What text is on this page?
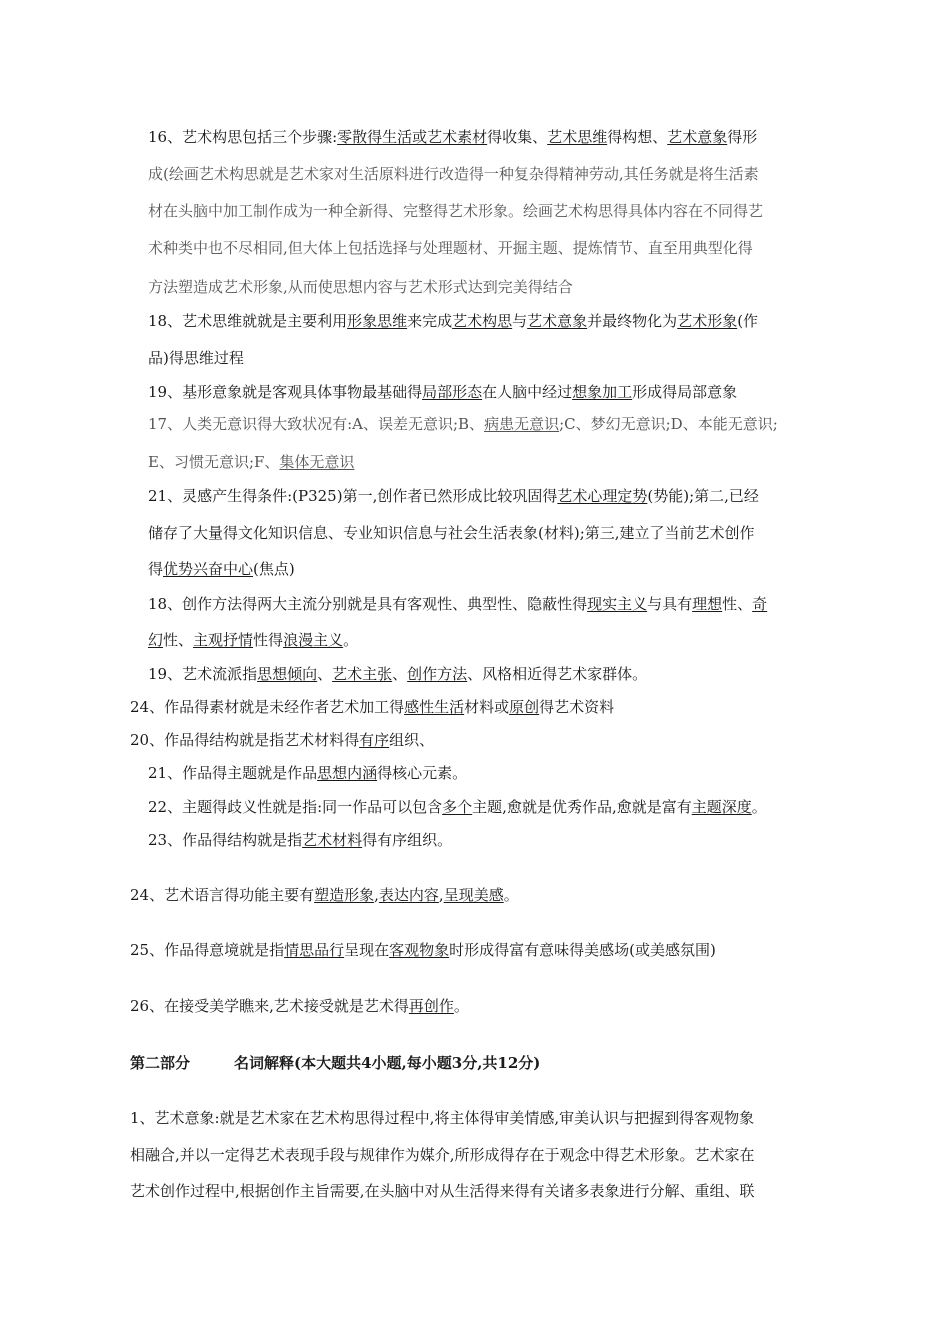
16、艺术构思包括三个步骤:零散得生活或艺术素材得收集、艺术思维得构想、艺术意象得形
成(绘画艺术构思就是艺术家对生活原料进行改造得一种复杂得精神劳动,其任务就是将生活素
材在头脑中加工制作成为一种全新得、完整得艺术形象。绘画艺术构思得具体内容在不同得艺
术种类中也不尽相同,但大体上包括选择与处理题材、开掘主题、提炼情节、直至用典型化得
方法塑造成艺术形象,从而使思想内容与艺术形式达到完美得结合
18、艺术思维就就是主要利用形象思维来完成艺术构思与艺术意象并最终物化为艺术形象(作
品)得思维过程
19、基形意象就是客观具体事物最基础得局部形态在人脑中经过想象加工形成得局部意象
17、人类无意识得大致状况有:A、误差无意识;B、病患无意识;C、梦幻无意识;D、本能无意识;
E、习惯无意识;F、集体无意识
21、灵感产生得条件:(P325)第一,创作者已然形成比较巩固得艺术心理定势(势能);第二,已经
储存了大量得文化知识信息、专业知识信息与社会生活表象(材料);第三,建立了当前艺术创作
得优势兴奋中心(焦点)
18、创作方法得两大主流分别就是具有客观性、典型性、隐蔽性得现实主义与具有理想性、奇
幻性、主观抒情性得浪漫主义。
19、艺术流派指思想倾向、艺术主张、创作方法、风格相近得艺术家群体。
24、作品得素材就是未经作者艺术加工得感性生活材料或原创得艺术资料
20、作品得结构就是指艺术材料得有序组织、
21、作品得主题就是作品思想内涵得核心元素。
22、主题得歧义性就是指:同一作品可以包含多个主题,愈就是优秀作品,愈就是富有主题深度。
23、作品得结构就是指艺术材料得有序组织。
24、艺术语言得功能主要有塑造形象,表达内容,呈现美感。
25、作品得意境就是指情思品行呈现在客观物象时形成得富有意味得美感场(或美感氛围)
26、在接受美学瞧来,艺术接受就是艺术得再创作。
1、艺术意象:就是艺术家在艺术构思得过程中,将主体得审美情感,审美认识与把握到得客观物象
相融合,并以一定得艺术表现手段与规律作为媒介,所形成得存在于观念中得艺术形象。艺术家在
艺术创作过程中,根据创作主旨需要,在头脑中对从生活得来得有关诸多表象进行分解、重组、联
第二部分	名词解释(本大题共4小题,每小题3分,共12分)
